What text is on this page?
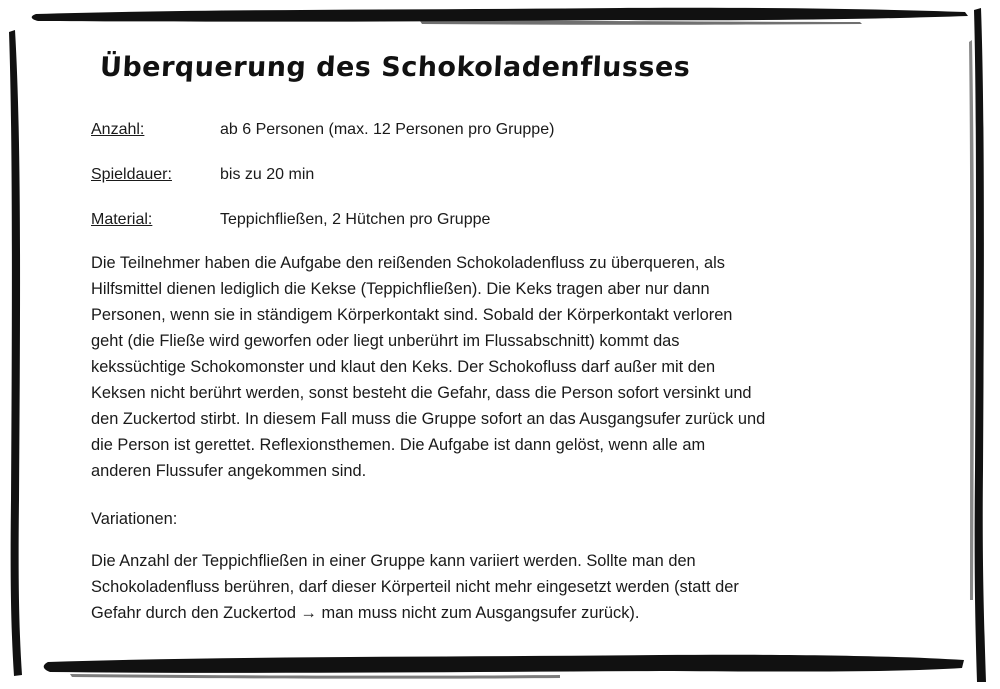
Überquerung des Schokoladenflusses
Anzahl:	ab 6 Personen (max. 12 Personen pro Gruppe)
Spieldauer:	bis zu 20 min
Material:	Teppichfließen, 2 Hütchen pro Gruppe

Die Teilnehmer haben die Aufgabe den reißenden Schokoladenfluss zu überqueren, als
Hilfsmittel dienen lediglich die Kekse (Teppichfließen). Die Keks tragen aber nur dann
Personen, wenn sie in ständigem Körperkontakt sind. Sobald der Körperkontakt verloren
geht (die Fließe wird geworfen oder liegt unberührt im Flussabschnitt) kommt das
kekssüchtige Schokomonster und klaut den Keks. Der Schokofluss darf außer mit den
Keksen nicht berührt werden, sonst besteht die Gefahr, dass die Person sofort versinkt und
den Zuckertod stirbt. In diesem Fall muss die Gruppe sofort an das Ausgangsufer zurück und
die Person ist gerettet. Reflexionsthemen. Die Aufgabe ist dann gelöst, wenn alle am
anderen Flussufer angekommen sind.

Variationen:

Die Anzahl der Teppichfließen in einer Gruppe kann variiert werden. Sollte man den
Schokoladenfluss berühren, darf dieser Körperteil nicht mehr eingesetzt werden (statt der
Gefahr durch den Zuckertod → man muss nicht zum Ausgangsufer zurück).
